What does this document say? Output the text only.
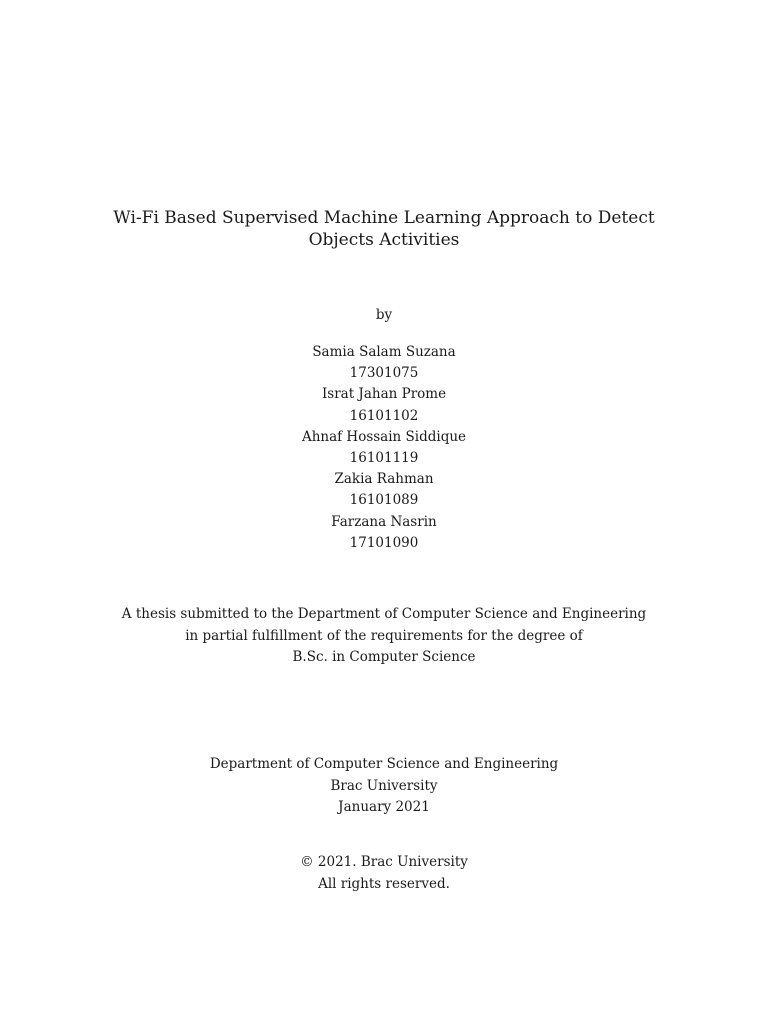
Wi-Fi Based Supervised Machine Learning Approach to Detect
Objects Activities
by
Samia Salam Suzana
17301075
Israt Jahan Prome
16101102
Ahnaf Hossain Siddique
16101119
Zakia Rahman
16101089
Farzana Nasrin
17101090
A thesis submitted to the Department of Computer Science and Engineering
in partial fulfillment of the requirements for the degree of
B.Sc. in Computer Science
Department of Computer Science and Engineering
Brac University
January 2021
© 2021. Brac University
All rights reserved.
